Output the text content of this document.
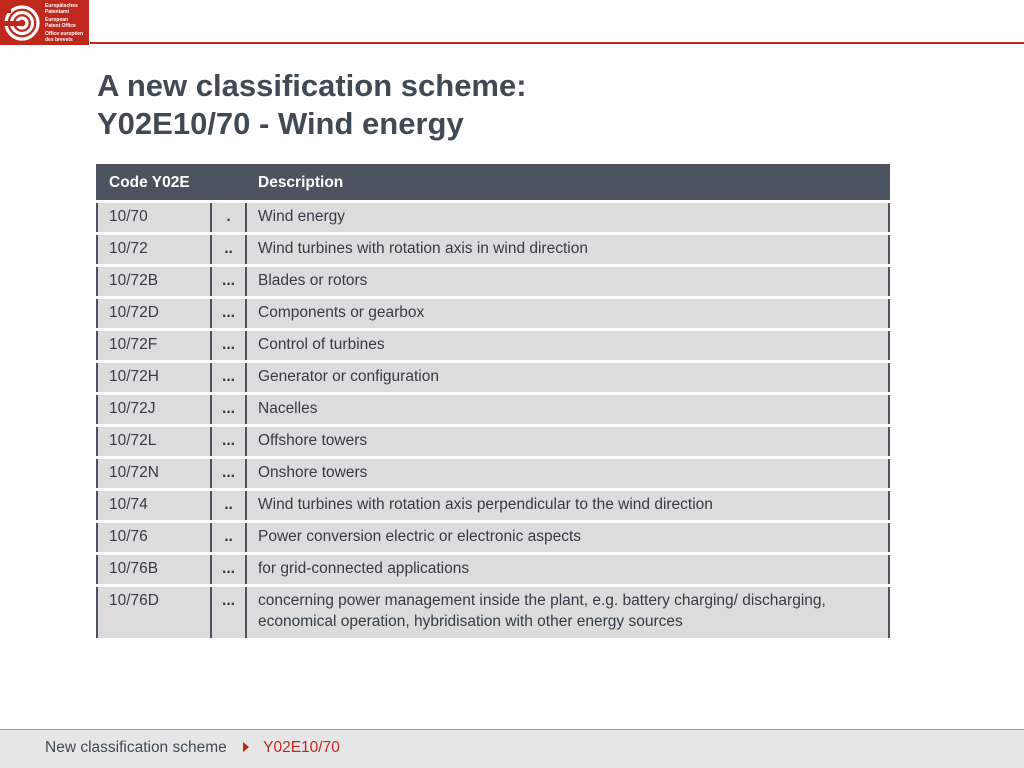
Europäisches
Patentamt
European
Patent Office
Office européen
des brevets
A new classification scheme:
Y02E10/70 - Wind energy
Code Y02E		Description
10/70	.	Wind energy
10/72	..	Wind turbines with rotation axis in wind direction
10/72B	...	Blades or rotors
10/72D	...	Components or gearbox
10/72F	...	Control of turbines
10/72H	...	Generator or configuration
10/72J	...	Nacelles
10/72L	...	Offshore towers
10/72N	...	Onshore towers
10/74	..	Wind turbines with rotation axis perpendicular to the wind direction
10/76	..	Power conversion electric or electronic aspects
10/76B	...	for grid-connected applications
10/76D	...	concerning power management inside the plant, e.g. battery charging/ discharging, economical operation, hybridisation with other energy sources
New classification scheme Y02E10/70
